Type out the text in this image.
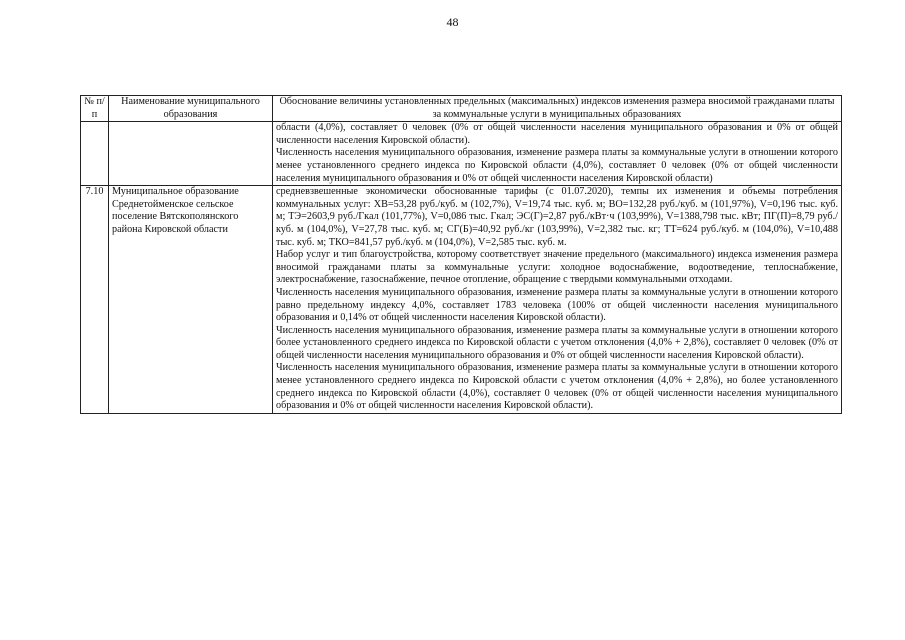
48
№ п/п	Наименование муниципального образования	Обоснование величины установленных предельных (максимальных) индексов изменения размера вносимой гражданами платы за коммунальные услуги в муниципальных образованиях

		области (4,0%), составляет 0 человек (0% от общей численности населения муниципального образования и 0% от общей численности населения Кировской области).
Численность населения муниципального образования, изменение размера платы за коммунальные услуги в отношении которого менее установленного среднего индекса по Кировской области (4,0%), составляет 0 человек (0% от общей численности населения муниципального образования и 0% от общей численности населения Кировской области)

7.10	Муниципальное образование Среднетойменское сельское поселение Вятскополянского района Кировской области	средневзвешенные экономически обоснованные тарифы (с 01.07.2020), темпы их изменения и объемы потребления коммунальных услуг: ХВ=53,28 руб./куб. м (102,7%), V=19,74 тыс. куб. м; ВО=132,28 руб./куб. м (101,97%), V=0,196 тыс. куб. м; ТЭ=2603,9 руб./Гкал (101,77%), V=0,086 тыс. Гкал; ЭС(Г)=2,87 руб./кВт·ч (103,99%), V=1388,798 тыс. кВт; ПГ(П)=8,79 руб./куб. м (104,0%), V=27,78 тыс. куб. м; СГ(Б)=40,92 руб./кг (103,99%), V=2,382 тыс. кг; ТТ=624 руб./куб. м (104,0%), V=10,488 тыс. куб. м; ТКО=841,57 руб./куб. м (104,0%), V=2,585 тыс. куб. м.
Набор услуг и тип благоустройства, которому соответствует значение предельного (максимального) индекса изменения размера вносимой гражданами платы за коммунальные услуги: холодное водоснабжение, водоотведение, теплоснабжение, электроснабжение, газоснабжение, печное отопление, обращение с твердыми коммунальными отходами.
Численность населения муниципального образования, изменение размера платы за коммунальные услуги в отношении которого равно предельному индексу 4,0%, составляет 1783 человека (100% от общей численности населения муниципального образования и 0,14% от общей численности населения Кировской области).
Численность населения муниципального образования, изменение размера платы за коммунальные услуги в отношении которого более установленного среднего индекса по Кировской области с учетом отклонения (4,0% + 2,8%), составляет 0 человек (0% от общей численности населения муниципального образования и 0% от общей численности населения Кировской области).
Численность населения муниципального образования, изменение размера платы за коммунальные услуги в отношении которого менее установленного среднего индекса по Кировской области с учетом отклонения (4,0% + 2,8%), но более установленного среднего индекса по Кировской области (4,0%), составляет 0 человек (0% от общей численности населения муниципального образования и 0% от общей численности населения Кировской области).
